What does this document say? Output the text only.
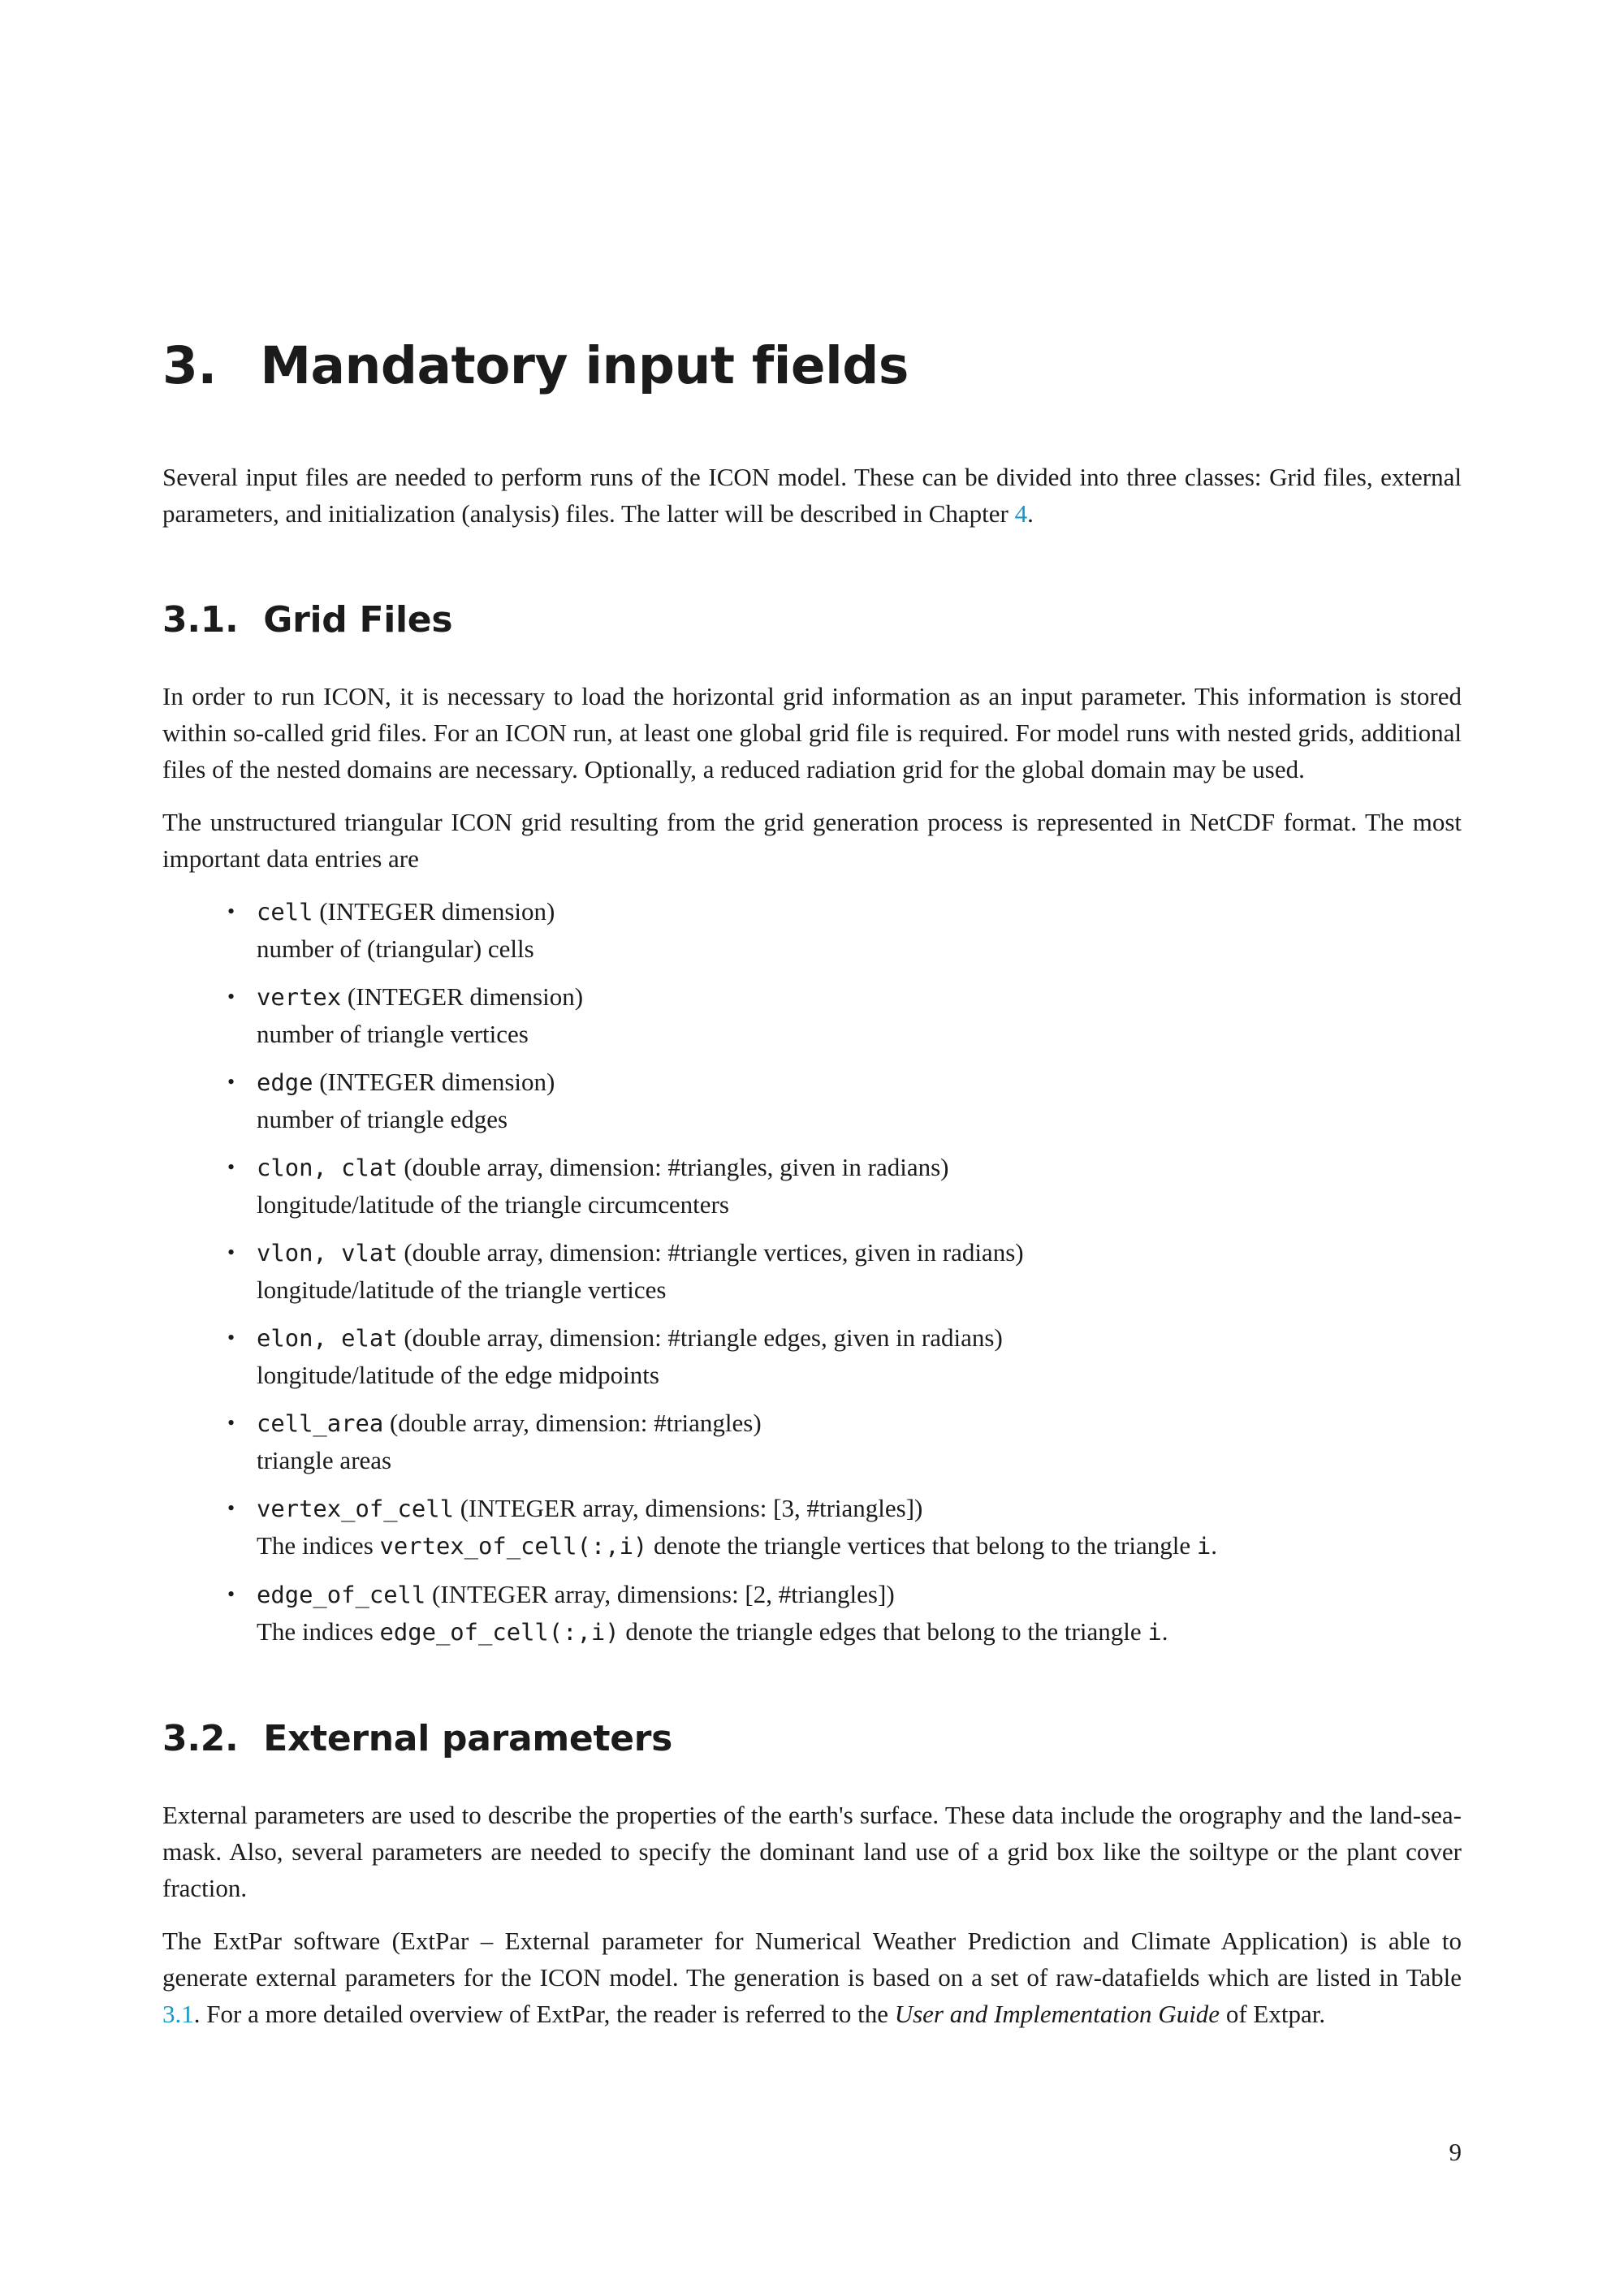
3. Mandatory input fields

Several input files are needed to perform runs of the ICON model. These can be divided into three classes: Grid files, external parameters, and initialization (analysis) files. The latter will be described in Chapter 4.

3.1. Grid Files

In order to run ICON, it is necessary to load the horizontal grid information as an input parameter. This information is stored within so-called grid files. For an ICON run, at least one global grid file is required. For model runs with nested grids, additional files of the nested domains are necessary. Optionally, a reduced radiation grid for the global domain may be used.

The unstructured triangular ICON grid resulting from the grid generation process is represented in NetCDF format. The most important data entries are

• cell (INTEGER dimension)
number of (triangular) cells
• vertex (INTEGER dimension)
number of triangle vertices
• edge (INTEGER dimension)
number of triangle edges
• clon, clat (double array, dimension: #triangles, given in radians)
longitude/latitude of the triangle circumcenters
• vlon, vlat (double array, dimension: #triangle vertices, given in radians)
longitude/latitude of the triangle vertices
• elon, elat (double array, dimension: #triangle edges, given in radians)
longitude/latitude of the edge midpoints
• cell_area (double array, dimension: #triangles)
triangle areas
• vertex_of_cell (INTEGER array, dimensions: [3, #triangles])
The indices vertex_of_cell(:,i) denote the triangle vertices that belong to the triangle i.
• edge_of_cell (INTEGER array, dimensions: [2, #triangles])
The indices edge_of_cell(:,i) denote the triangle edges that belong to the triangle i.
3.2. External parameters

External parameters are used to describe the properties of the earth's surface. These data include the orography and the land-sea-mask. Also, several parameters are needed to specify the dominant land use of a grid box like the soiltype or the plant cover fraction.

The ExtPar software (ExtPar – External parameter for Numerical Weather Prediction and Climate Application) is able to generate external parameters for the ICON model. The generation is based on a set of raw-datafields which are listed in Table 3.1. For a more detailed overview of ExtPar, the reader is referred to the User and Implementation Guide of Extpar.

9
